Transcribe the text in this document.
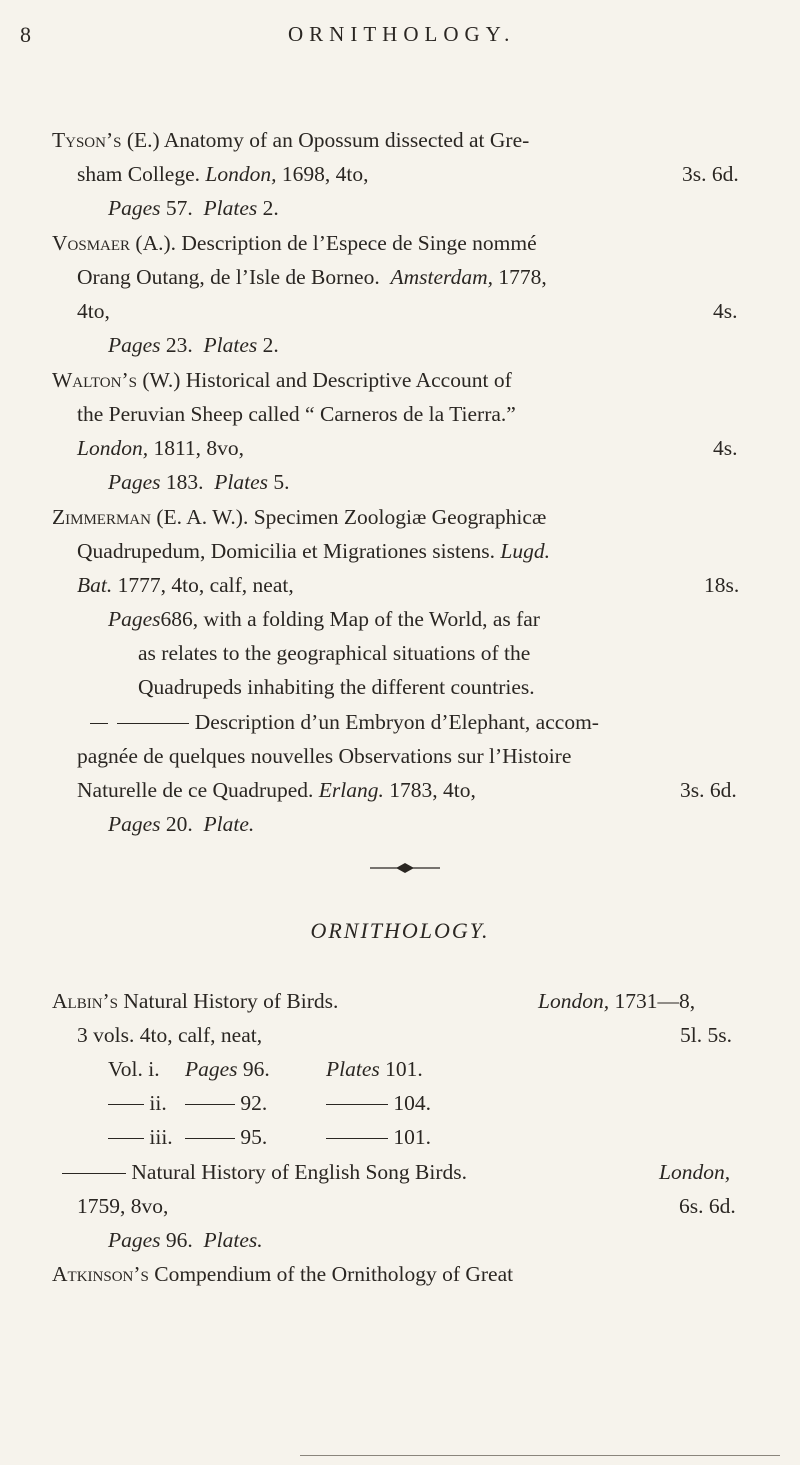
8	ORNITHOLOGY.
Tyson’s (E.) Anatomy of an Opossum dissected at Gre-
sham College. London, 1698, 4to,	3s. 6d.
Pages 57. Plates 2.
Vosmaer (A.). Description de l’Espece de Singe nommé
Orang Outang, de l’Isle de Borneo. Amsterdam, 1778,
4to,	4s.
Pages 23. Plates 2.
Walton’s (W.) Historical and Descriptive Account of
the Peruvian Sheep called “ Carneros de la Tierra.”
London, 1811, 8vo,	4s.
Pages 183. Plates 5.
Zimmerman (E. A. W.). Specimen Zoologiæ Geographicæ
Quadrupedum, Domicilia et Migrationes sistens. Lugd.
Bat. 1777, 4to, calf, neat,	18s.
Pages686, with a folding Map of the World, as far
as relates to the geographical situations of the
Quadrupeds inhabiting the different countries.
Description d’un Embryon d’Elephant, accom-
pagnée de quelques nouvelles Observations sur l’Histoire
Naturelle de ce Quadruped. Erlang. 1783, 4to,	3s. 6d.
Pages 20. Plate.
ORNITHOLOGY.
Albin’s Natural History of Birds.	London, 1731—8,
3 vols. 4to, calf, neat,	5l. 5s.
Vol. i. Pages 96.	Plates 101.
ii.	92.	104.
iii.	95.	101.
Natural History of English Song Birds.	London,
1759, 8vo,	6s. 6d.
Pages 96. Plates.
Atkinson’s Compendium of the Ornithology of Great
